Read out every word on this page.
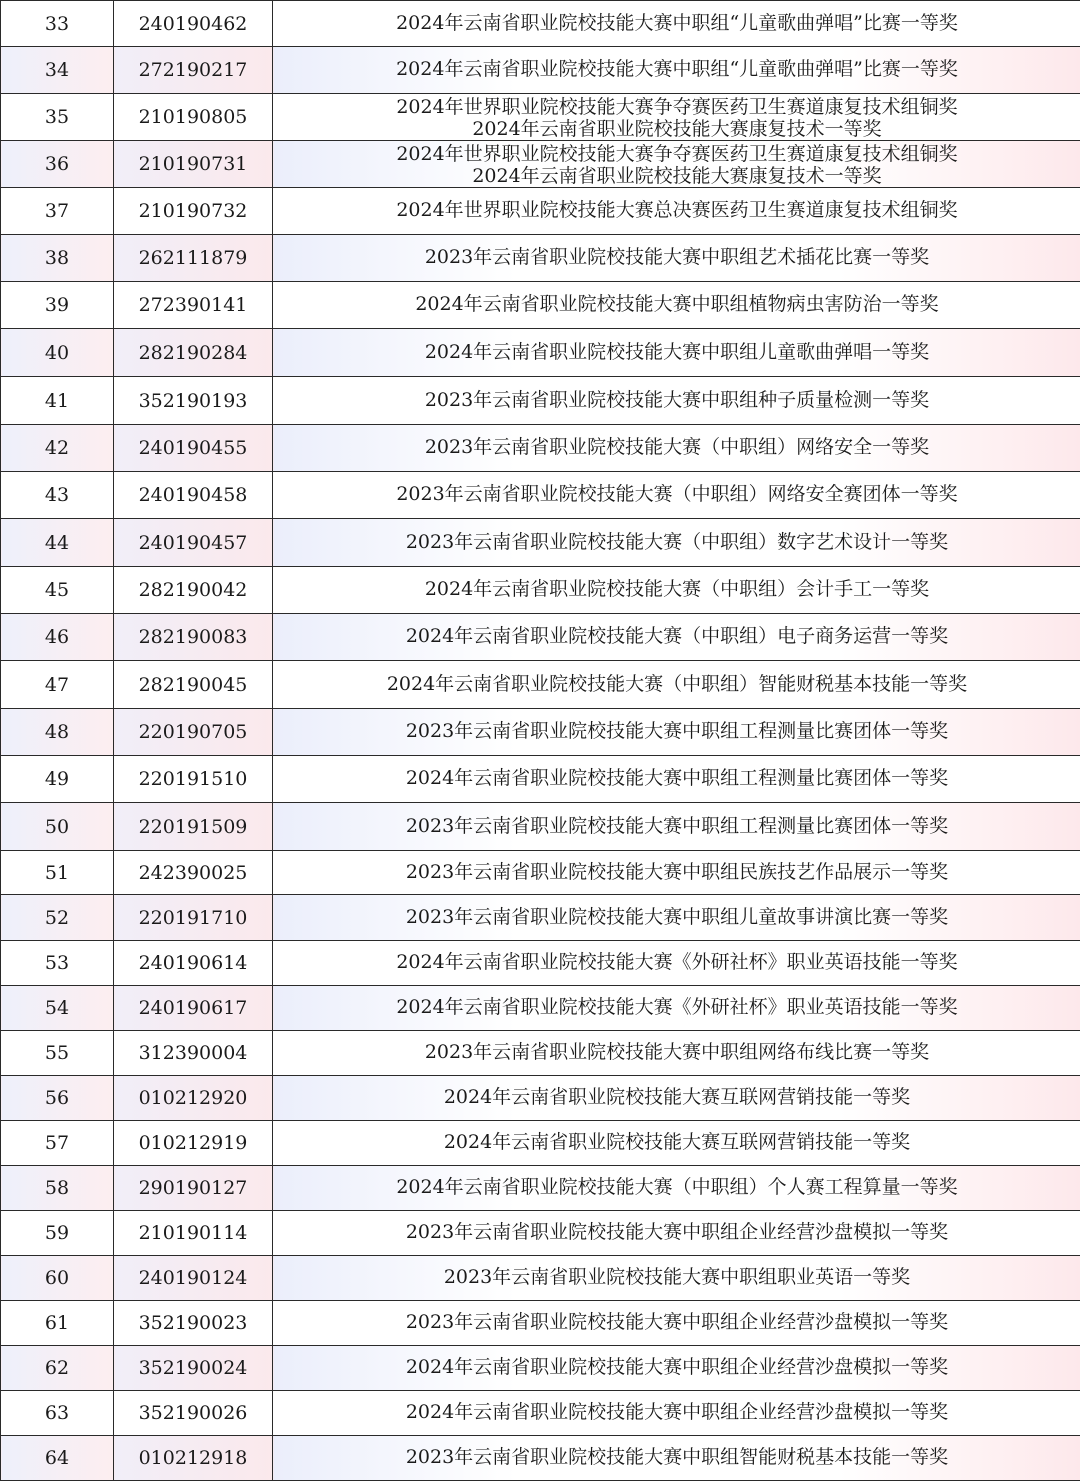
33	240190462	2024年云南省职业院校技能大赛中职组“儿童歌曲弹唱”比赛一等奖

34	272190217	2024年云南省职业院校技能大赛中职组“儿童歌曲弹唱”比赛一等奖

35	210190805	2024年世界职业院校技能大赛争夺赛医药卫生赛道康复技术组铜奖
2024年云南省职业院校技能大赛康复技术一等奖

36	210190731	2024年世界职业院校技能大赛争夺赛医药卫生赛道康复技术组铜奖
2024年云南省职业院校技能大赛康复技术一等奖

37	210190732	2024年世界职业院校技能大赛总决赛医药卫生赛道康复技术组铜奖

38	262111879	2023年云南省职业院校技能大赛中职组艺术插花比赛一等奖

39	272390141	2024年云南省职业院校技能大赛中职组植物病虫害防治一等奖

40	282190284	2024年云南省职业院校技能大赛中职组儿童歌曲弹唱一等奖

41	352190193	2023年云南省职业院校技能大赛中职组种子质量检测一等奖

42	240190455	2023年云南省职业院校技能大赛（中职组）网络安全一等奖

43	240190458	2023年云南省职业院校技能大赛（中职组）网络安全赛团体一等奖

44	240190457	2023年云南省职业院校技能大赛（中职组）数字艺术设计一等奖

45	282190042	2024年云南省职业院校技能大赛（中职组）会计手工一等奖

46	282190083	2024年云南省职业院校技能大赛（中职组）电子商务运营一等奖

47	282190045	2024年云南省职业院校技能大赛（中职组）智能财税基本技能一等奖

48	220190705	2023年云南省职业院校技能大赛中职组工程测量比赛团体一等奖

49	220191510	2024年云南省职业院校技能大赛中职组工程测量比赛团体一等奖

50	220191509	2023年云南省职业院校技能大赛中职组工程测量比赛团体一等奖

51	242390025	2023年云南省职业院校技能大赛中职组民族技艺作品展示一等奖

52	220191710	2023年云南省职业院校技能大赛中职组儿童故事讲演比赛一等奖

53	240190614	2024年云南省职业院校技能大赛《外研社杯》职业英语技能一等奖

54	240190617	2024年云南省职业院校技能大赛《外研社杯》职业英语技能一等奖

55	312390004	2023年云南省职业院校技能大赛中职组网络布线比赛一等奖

56	010212920	2024年云南省职业院校技能大赛互联网营销技能一等奖

57	010212919	2024年云南省职业院校技能大赛互联网营销技能一等奖

58	290190127	2024年云南省职业院校技能大赛（中职组）个人赛工程算量一等奖

59	210190114	2023年云南省职业院校技能大赛中职组企业经营沙盘模拟一等奖

60	240190124	2023年云南省职业院校技能大赛中职组职业英语一等奖

61	352190023	2023年云南省职业院校技能大赛中职组企业经营沙盘模拟一等奖

62	352190024	2024年云南省职业院校技能大赛中职组企业经营沙盘模拟一等奖

63	352190026	2024年云南省职业院校技能大赛中职组企业经营沙盘模拟一等奖

64	010212918	2023年云南省职业院校技能大赛中职组智能财税基本技能一等奖
